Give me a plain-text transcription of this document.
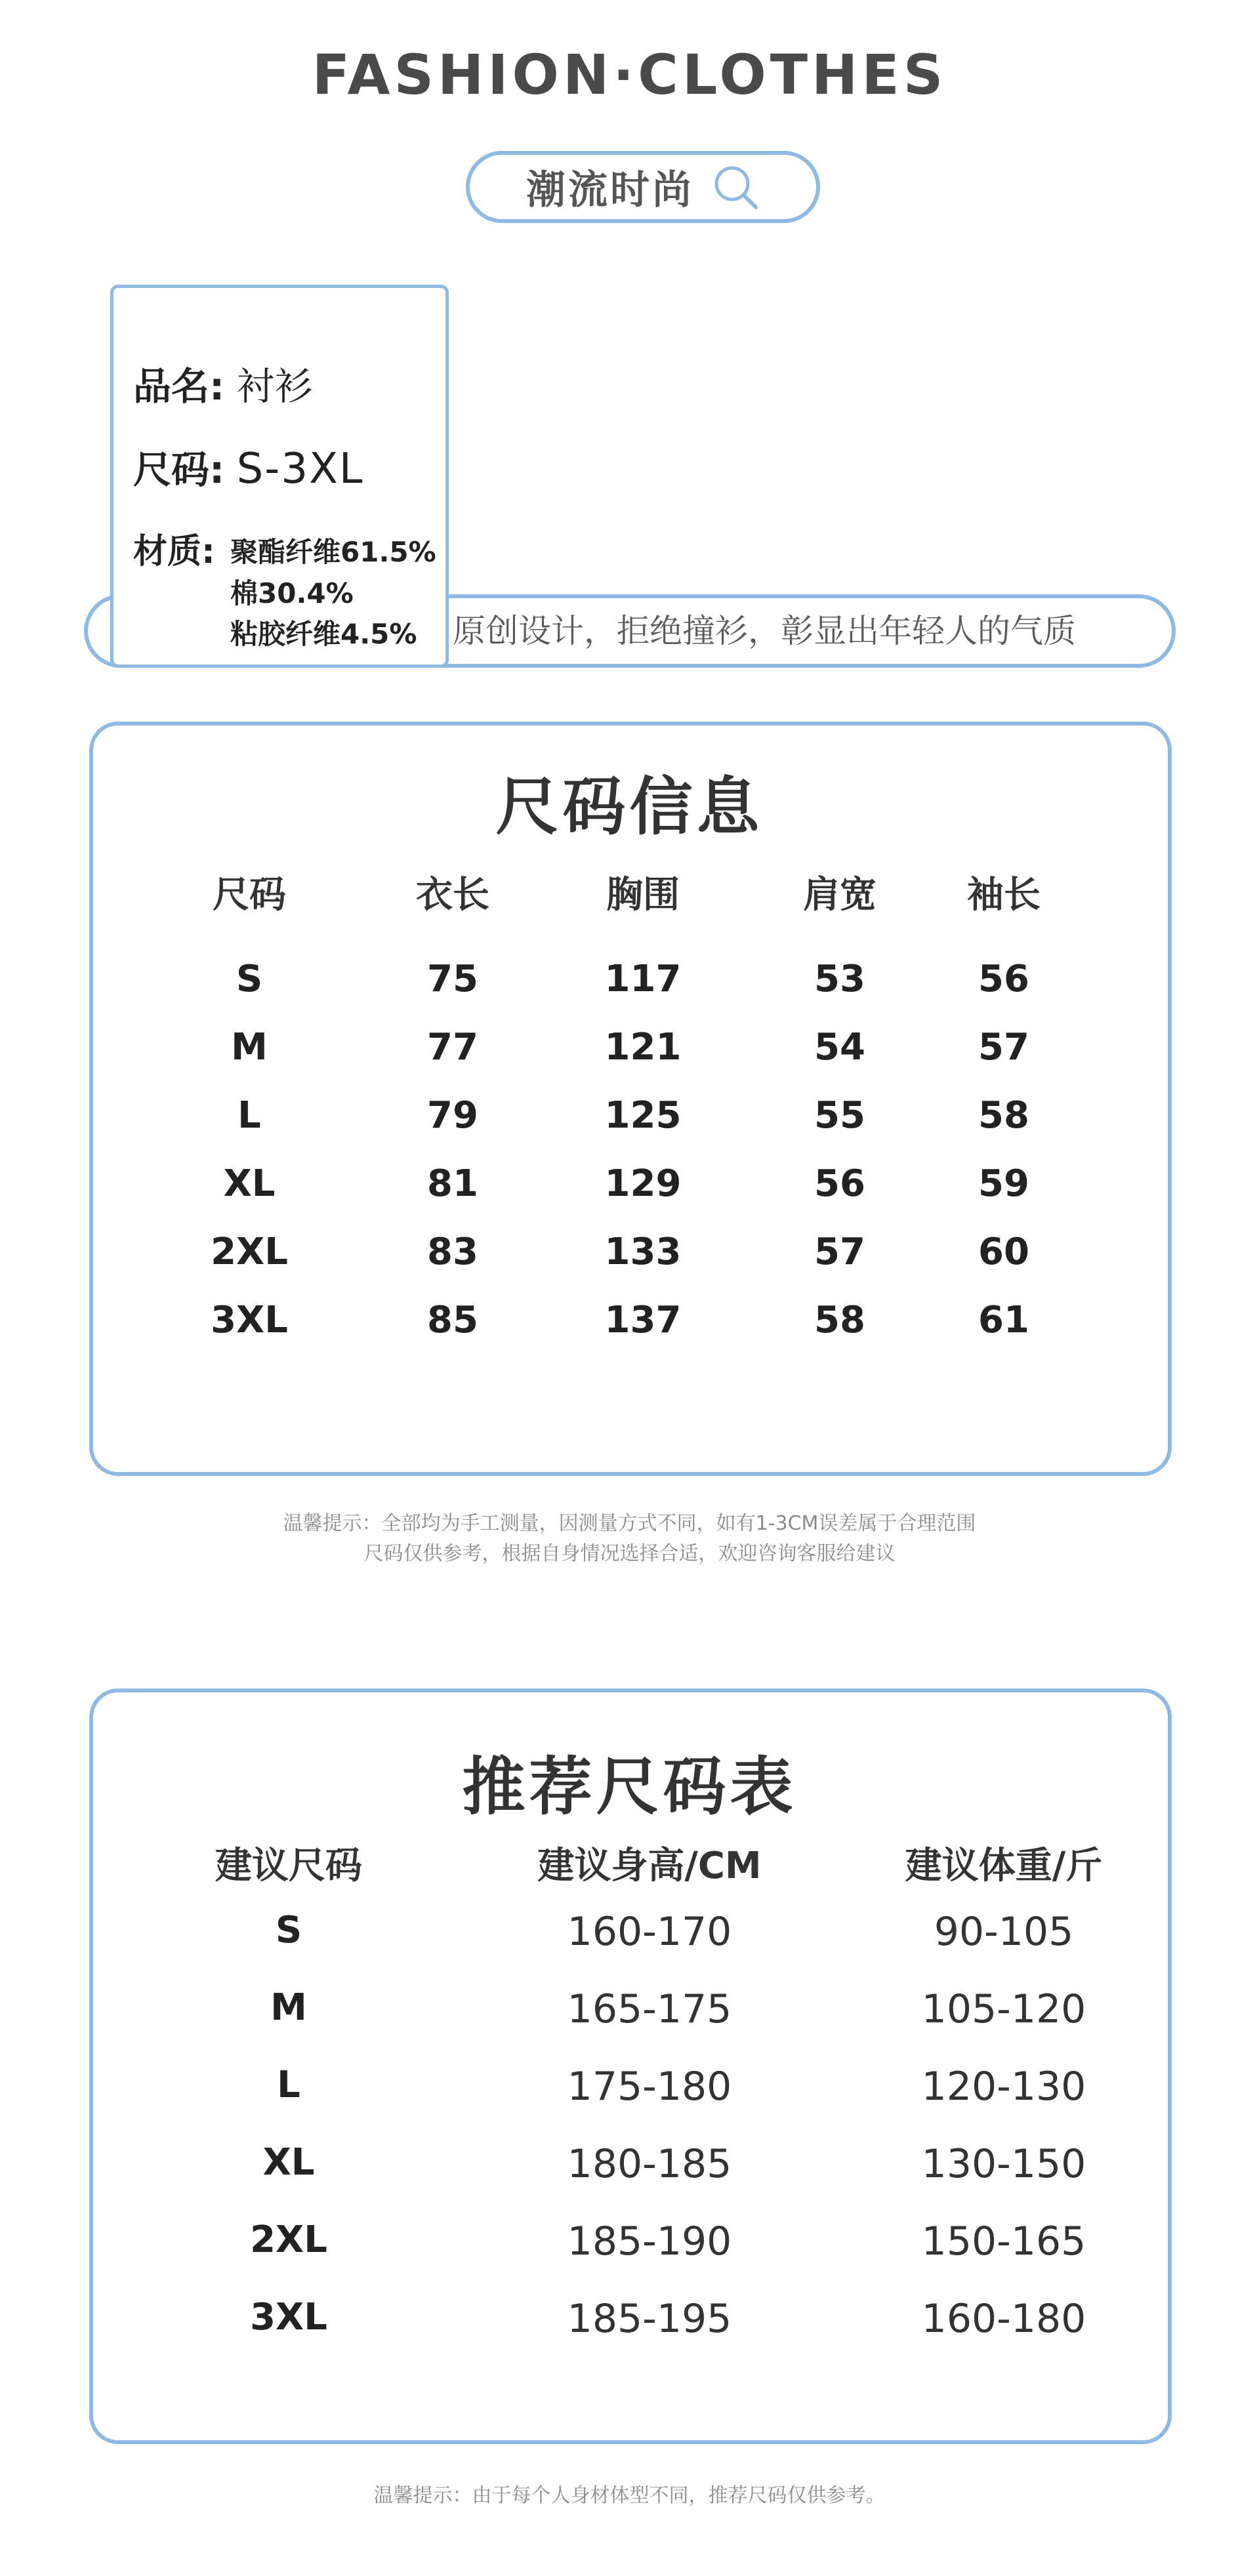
FASHION·CLOTHES
潮流时尚
原创设计，拒绝撞衫，彰显出年轻人的气质
品名: 衬衫
尺码: S-3XL
材质: 聚酯纤维61.5%
棉30.4%
粘胶纤维4.5%
尺码信息
尺码	衣长	胸围	肩宽 袖长
S	75	117	53	56
M	77	121	54	57
L	79	125	55	58
XL	81	129	56	59
2XL	83	133	57	60
3XL	85	137	58	61
温馨提示：全部均为手工测量，因测量方式不同，如有1-3CM误差属于合理范围
尺码仅供参考，根据自身情况选择合适，欢迎咨询客服给建议
推荐尺码表
建议尺码	建议身高/CM	建议体重/斤
S	160-170	90-105
M	165-175	105-120
L	175-180	120-130
XL	180-185	130-150
2XL	185-190	150-165
3XL	185-195	160-180
温馨提示：由于每个人身材体型不同，推荐尺码仅供参考。
